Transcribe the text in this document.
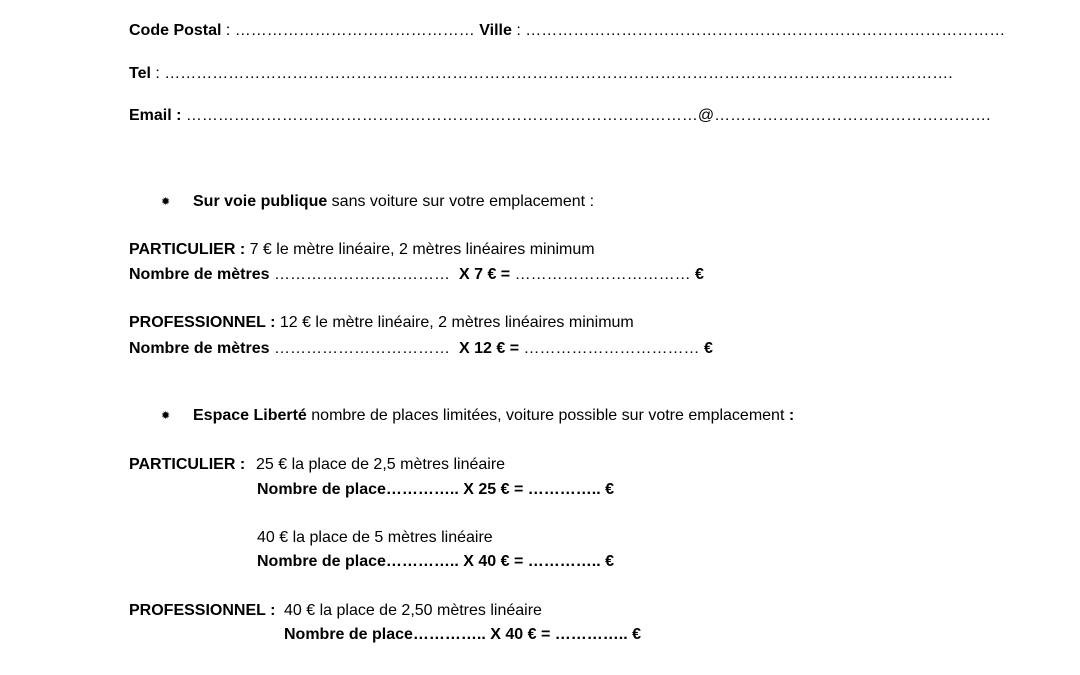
Code Postal : ……………………………………… Ville : ………………………………………………………………………………
Tel : ………………………………………………………………………………………………………………………………….
Email : ……………………………………………………………………………………@…………………………………………….
✹ Sur voie publique sans voiture sur votre emplacement :
PARTICULIER : 7 € le mètre linéaire, 2 mètres linéaires minimum
Nombre de mètres …………………………… X 7 € = …………………………… €
PROFESSIONNEL : 12 € le mètre linéaire, 2 mètres linéaires minimum
Nombre de mètres …………………………… X 12 € = …………………………… €
✹ Espace Liberté nombre de places limitées, voiture possible sur votre emplacement :
PARTICULIER : 25 € la place de 2,5 mètres linéaire
Nombre de place………….. X 25 € = ………….. €
40 € la place de 5 mètres linéaire
Nombre de place………….. X 40 € = ………….. €
PROFESSIONNEL : 40 € la place de 2,50 mètres linéaire
Nombre de place………….. X 40 € = ………….. €
